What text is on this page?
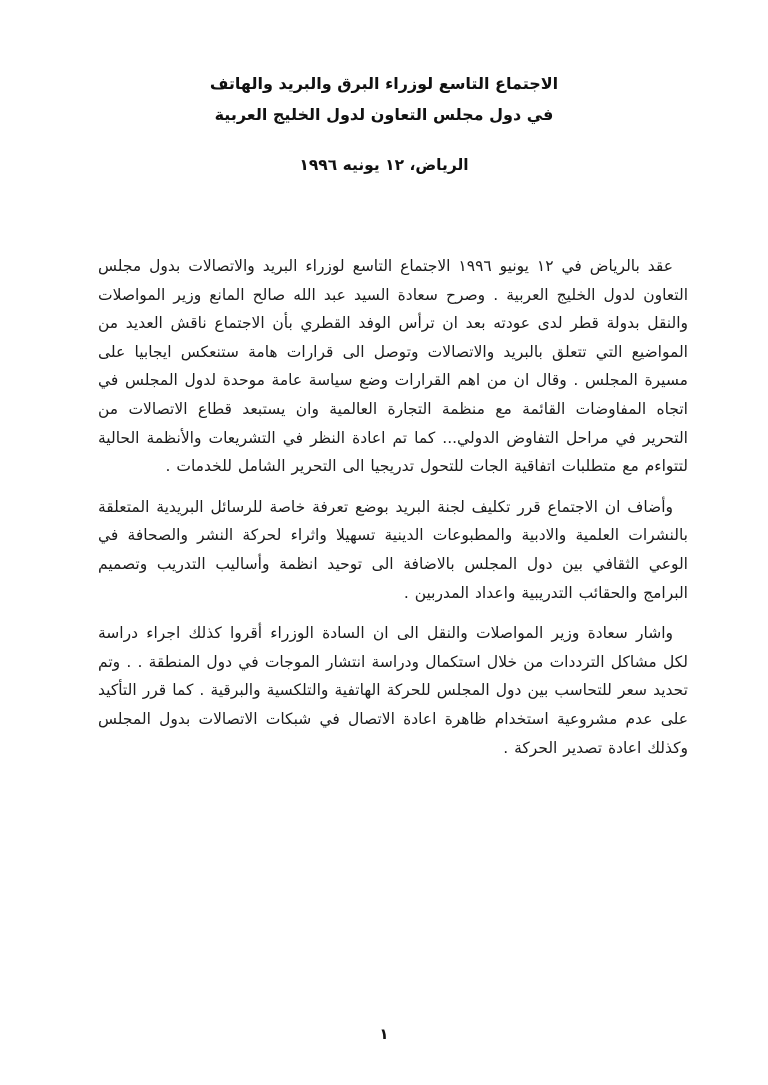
الاجتماع التاسع لوزراء البرق والبريد والهاتف
في دول مجلس التعاون لدول الخليج العربية
الرياض، ١٢ يونيه ١٩٩٦

عقد بالرياض في ١٢ يونيو ١٩٩٦ الاجتماع التاسع لوزراء البريد والاتصالات بدول مجلس التعاون لدول الخليج العربية . وصرح سعادة السيد عبد الله صالح المانع وزير المواصلات والنقل بدولة قطر لدى عودته بعد ان ترأس الوفد القطري بأن الاجتماع ناقش العديد من المواضيع التي تتعلق بالبريد والاتصالات وتوصل الى قرارات هامة ستنعكس ايجابيا على مسيرة المجلس . وقال ان من اهم القرارات وضع سياسة عامة موحدة لدول المجلس في اتجاه المفاوضات القائمة مع منظمة التجارة العالمية وان يستبعد قطاع الاتصالات من التحرير في مراحل التفاوض الدولي... كما تم اعادة النظر في التشريعات والأنظمة الحالية لتتواءم مع متطلبات اتفاقية الجات للتحول تدريجيا الى التحرير الشامل للخدمات .

وأضاف ان الاجتماع قرر تكليف لجنة البريد بوضع تعرفة خاصة للرسائل البريدية المتعلقة بالنشرات العلمية والادبية والمطبوعات الدينية تسهيلا واثراء لحركة النشر والصحافة في الوعي الثقافي بين دول المجلس بالاضافة الى توحيد انظمة وأساليب التدريب وتصميم البرامج والحقائب التدريبية واعداد المدربين .

واشار سعادة وزير المواصلات والنقل الى ان السادة الوزراء أقروا كذلك اجراء دراسة لكل مشاكل الترددات من خلال استكمال ودراسة انتشار الموجات في دول المنطقة . . وتم تحديد سعر للتحاسب بين دول المجلس للحركة الهاتفية والتلكسية والبرقية . كما قرر التأكيد على عدم مشروعية استخدام ظاهرة اعادة الاتصال في شبكات الاتصالات بدول المجلس وكذلك اعادة تصدير الحركة .

١
